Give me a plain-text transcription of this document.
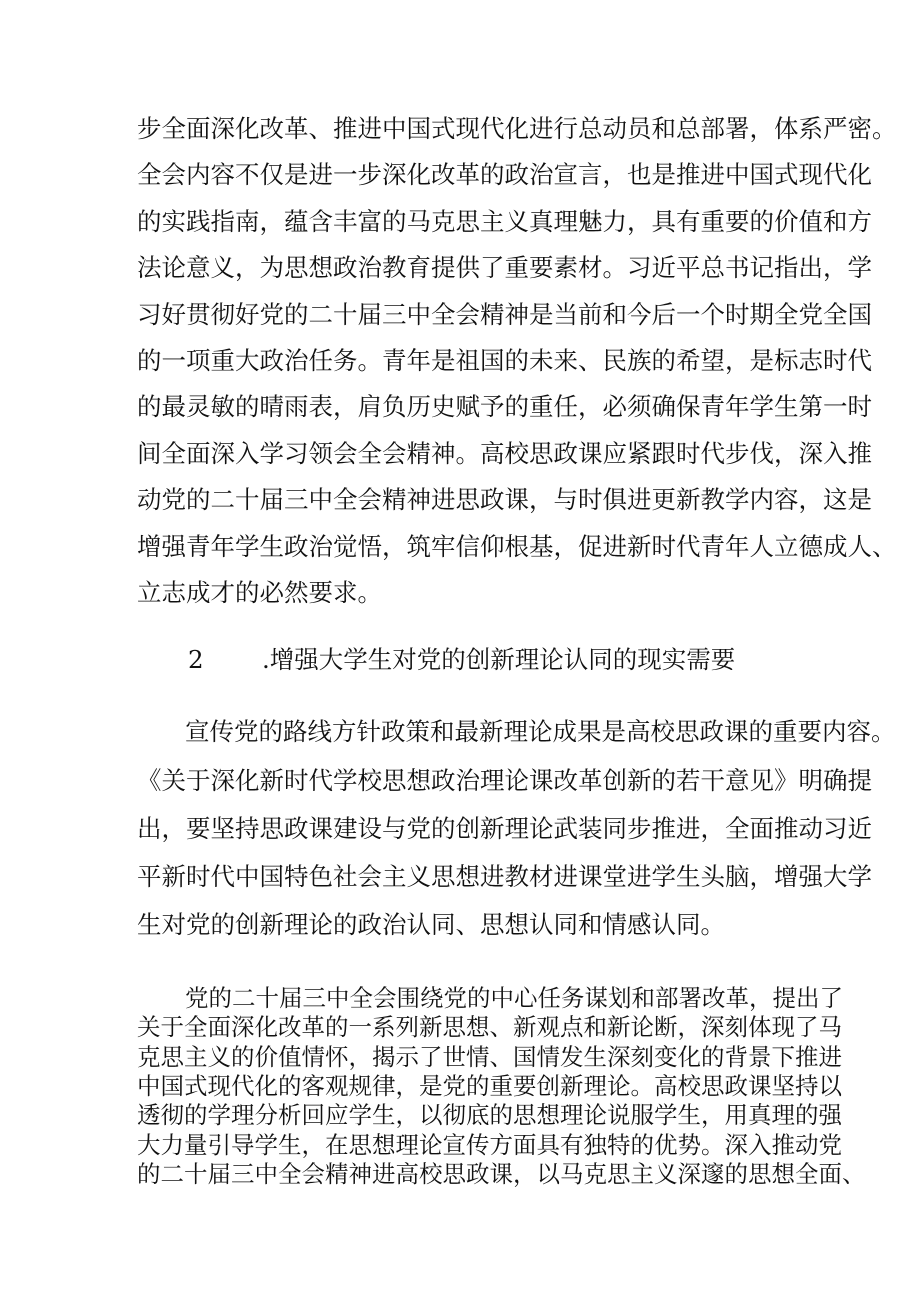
步全面深化改革、推进中国式现代化进行总动员和总部署，体系严密。
全会内容不仅是进一步深化改革的政治宣言，也是推进中国式现代化
的实践指南，蕴含丰富的马克思主义真理魅力，具有重要的价值和方
法论意义，为思想政治教育提供了重要素材。习近平总书记指出，学
习好贯彻好党的二十届三中全会精神是当前和今后一个时期全党全国
的一项重大政治任务。青年是祖国的未来、民族的希望，是标志时代
的最灵敏的晴雨表，肩负历史赋予的重任，必须确保青年学生第一时
间全面深入学习领会全会精神。高校思政课应紧跟时代步伐，深入推
动党的二十届三中全会精神进思政课，与时俱进更新教学内容，这是
增强青年学生政治觉悟，筑牢信仰根基，促进新时代青年人立德成人、
立志成才的必然要求。
2 .增强大学生对党的创新理论认同的现实需要
宣传党的路线方针政策和最新理论成果是高校思政课的重要内容。
《关于深化新时代学校思想政治理论课改革创新的若干意见》明确提
出，要坚持思政课建设与党的创新理论武装同步推进，全面推动习近
平新时代中国特色社会主义思想进教材进课堂进学生头脑，增强大学
生对党的创新理论的政治认同、思想认同和情感认同。
党的二十届三中全会围绕党的中心任务谋划和部署改革，提出了
关于全面深化改革的一系列新思想、新观点和新论断，深刻体现了马
克思主义的价值情怀，揭示了世情、国情发生深刻变化的背景下推进
中国式现代化的客观规律，是党的重要创新理论。高校思政课坚持以
透彻的学理分析回应学生，以彻底的思想理论说服学生，用真理的强
大力量引导学生，在思想理论宣传方面具有独特的优势。深入推动党
的二十届三中全会精神进高校思政课，以马克思主义深邃的思想全面、
